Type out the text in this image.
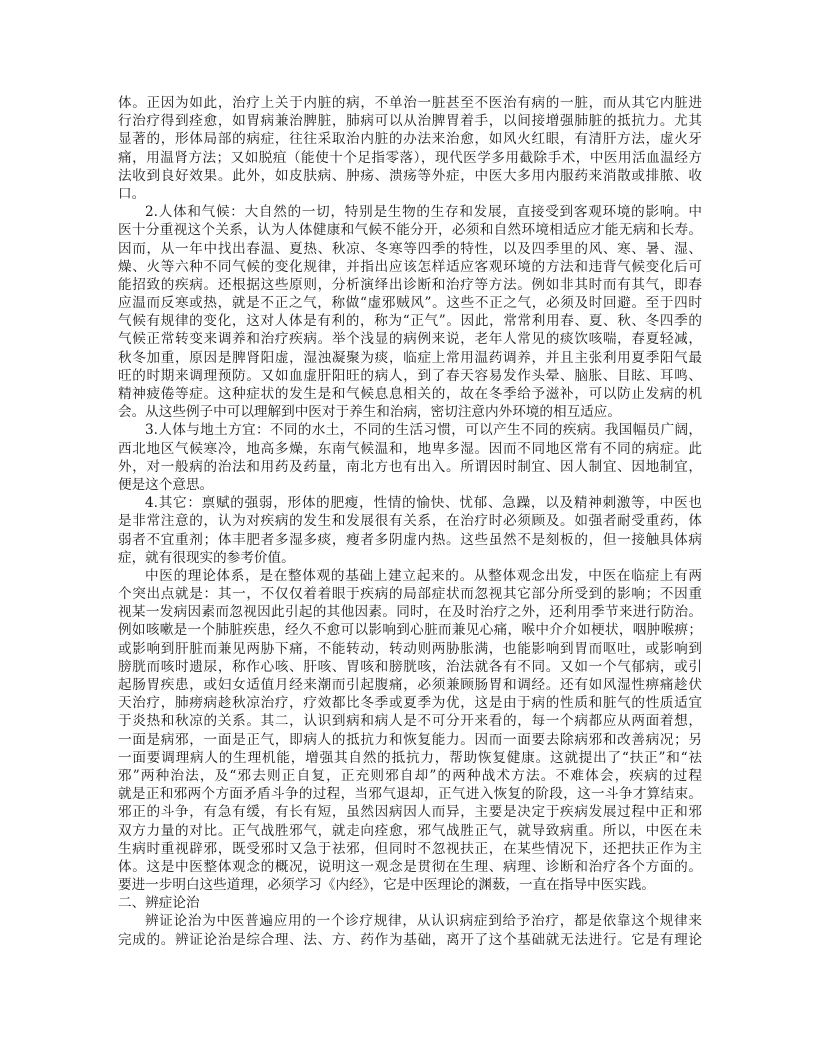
体。正因为如此，治疗上关于内脏的病，不单治一脏甚至不医治有病的一脏，而从其它内脏进
行治疗得到痊愈，如胃病兼治脾脏，肺病可以从治脾胃着手，以间接增强肺脏的抵抗力。尤其
显著的，形体局部的病症，往往采取治内脏的办法来治愈，如风火红眼，有清肝方法，虚火牙
痛，用温肾方法；又如脱疽（能使十个足指零落），现代医学多用截除手术，中医用活血温经方
法收到良好效果。此外，如皮肤病、肿疡、溃疡等外症，中医大多用内服药来消散或排脓、收
口。
2.人体和气候：大自然的一切，特别是生物的生存和发展，直接受到客观环境的影响。中
医十分重视这个关系，认为人体健康和气候不能分开，必须和自然环境相适应才能无病和长寿。
因而，从一年中找出春温、夏热、秋凉、冬寒等四季的特性，以及四季里的风、寒、暑、湿、
燥、火等六种不同气候的变化规律，并指出应该怎样适应客观环境的方法和违背气候变化后可
能招致的疾病。还根据这些原则，分析演绎出诊断和治疗等方法。例如非其时而有其气，即春
应温而反寒或热，就是不正之气，称做“虚邪贼风”。这些不正之气，必须及时回避。至于四时
气候有规律的变化，这对人体是有利的，称为“正气”。因此，常常利用春、夏、秋、冬四季的
气候正常转变来调养和治疗疾病。举个浅显的病例来说，老年人常见的痰饮咳喘，春夏轻减，
秋冬加重，原因是脾肾阳虚，湿浊凝聚为痰，临症上常用温药调养，并且主张利用夏季阳气最
旺的时期来调理预防。又如血虚肝阳旺的病人，到了春天容易发作头晕、脑胀、目眩、耳鸣、
精神疲倦等症。这种症状的发生是和气候息息相关的，故在冬季给予滋补，可以防止发病的机
会。从这些例子中可以理解到中医对于养生和治病，密切注意内外环境的相互适应。
3.人体与地土方宜：不同的水土，不同的生活习惯，可以产生不同的疾病。我国幅员广阔，
西北地区气候寒冷，地高多燥，东南气候温和，地卑多湿。因而不同地区常有不同的病症。此
外，对一般病的治法和用药及药量，南北方也有出入。所谓因时制宜、因人制宜、因地制宜，
便是这个意思。
4.其它：禀赋的强弱，形体的肥瘦，性情的愉快、忧郁、急躁，以及精神刺激等，中医也
是非常注意的，认为对疾病的发生和发展很有关系，在治疗时必须顾及。如强者耐受重药，体
弱者不宜重剂；体丰肥者多湿多痰，瘦者多阴虚内热。这些虽然不是刻板的，但一接触具体病
症，就有很现实的参考价值。
中医的理论体系，是在整体观的基础上建立起来的。从整体观念出发，中医在临症上有两
个突出点就是：其一，不仅仅着着眼于疾病的局部症状而忽视其它部分所受到的影响；不因重
视某一发病因素而忽视因此引起的其他因素。同时，在及时治疗之外，还利用季节来进行防治。
例如咳嗽是一个肺脏疾患，经久不愈可以影响到心脏而兼见心痛，喉中介介如梗状，咽肿喉痹；
或影响到肝脏而兼见两胁下痛，不能转动，转动则两胁胀满，也能影响到胃而呕吐，或影响到
膀胱而咳时遗尿，称作心咳、肝咳、胃咳和膀胱咳，治法就各有不同。又如一个气郁病，或引
起肠胃疾患，或妇女适值月经来潮而引起腹痛，必须兼顾肠胃和调经。还有如风湿性痹痛趁伏
天治疗，肺痨病趁秋凉治疗，疗效都比冬季或夏季为优，这是由于病的性质和脏气的性质适宜
于炎热和秋凉的关系。其二，认识到病和病人是不可分开来看的，每一个病都应从两面着想，
一面是病邪，一面是正气，即病人的抵抗力和恢复能力。因而一面要去除病邪和改善病况；另
一面要调理病人的生理机能，增强其自然的抵抗力，帮助恢复健康。这就提出了“扶正”和“祛
邪”两种治法，及“邪去则正自复，正充则邪自却”的两种战术方法。不难体会，疾病的过程
就是正和邪两个方面矛盾斗争的过程，当邪气退却，正气进入恢复的阶段，这一斗争才算结束。
邪正的斗争，有急有缓，有长有短，虽然因病因人而异，主要是决定于疾病发展过程中正和邪
双方力量的对比。正气战胜邪气，就走向痊愈，邪气战胜正气，就导致病重。所以，中医在未
生病时重视辟邪，既受邪时又急于祛邪，但同时不忽视扶正，在某些情况下，还把扶正作为主
体。这是中医整体观念的概况，说明这一观念是贯彻在生理、病理、诊断和治疗各个方面的。
要进一步明白这些道理，必须学习《内经》，它是中医理论的渊薮，一直在指导中医实践。
二、辨症论治
辨证论治为中医普遍应用的一个诊疗规律，从认识病症到给予治疗，都是依靠这个规律来
完成的。辨证论治是综合理、法、方、药作为基础，离开了这个基础就无法进行。它是有理论
